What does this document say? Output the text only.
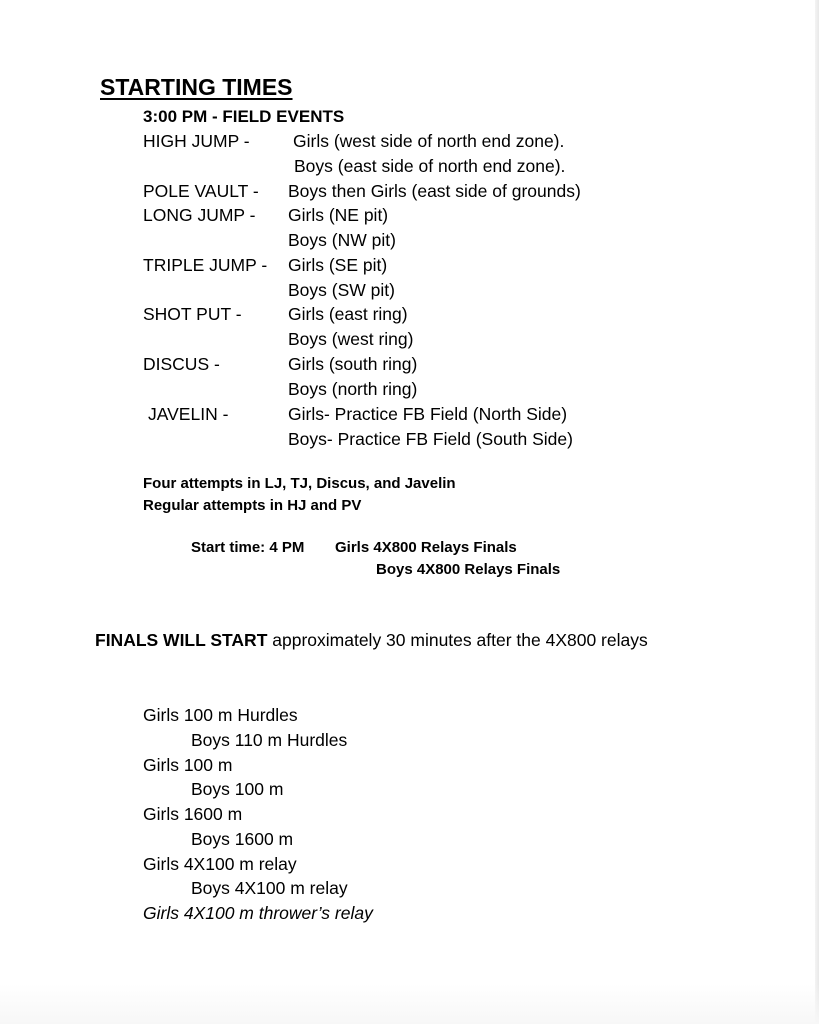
STARTING TIMES
3:00 PM - FIELD EVENTS
HIGH JUMP - Girls (west side of north end zone).
Boys (east side of north end zone).
POLE VAULT - Boys then Girls (east side of grounds)
LONG JUMP - Girls (NE pit)
Boys (NW pit)
TRIPLE JUMP - Girls (SE pit)
Boys (SW pit)
SHOT PUT -	Girls (east ring)
Boys (west ring)
DISCUS -	Girls (south ring)
Boys (north ring)
JAVELIN -	Girls- Practice FB Field (North Side)
Boys- Practice FB Field (South Side)
Four attempts in LJ, TJ, Discus, and Javelin
Regular attempts in HJ and PV
Start time: 4 PM Girls 4X800 Relays Finals
Boys 4X800 Relays Finals
FINALS WILL START approximately 30 minutes after the 4X800 relays
Girls 100 m Hurdles
Boys 110 m Hurdles
Girls 100 m
Boys 100 m
Girls 1600 m
Boys 1600 m
Girls 4X100 m relay
Boys 4X100 m relay
Girls 4X100 m thrower’s relay
